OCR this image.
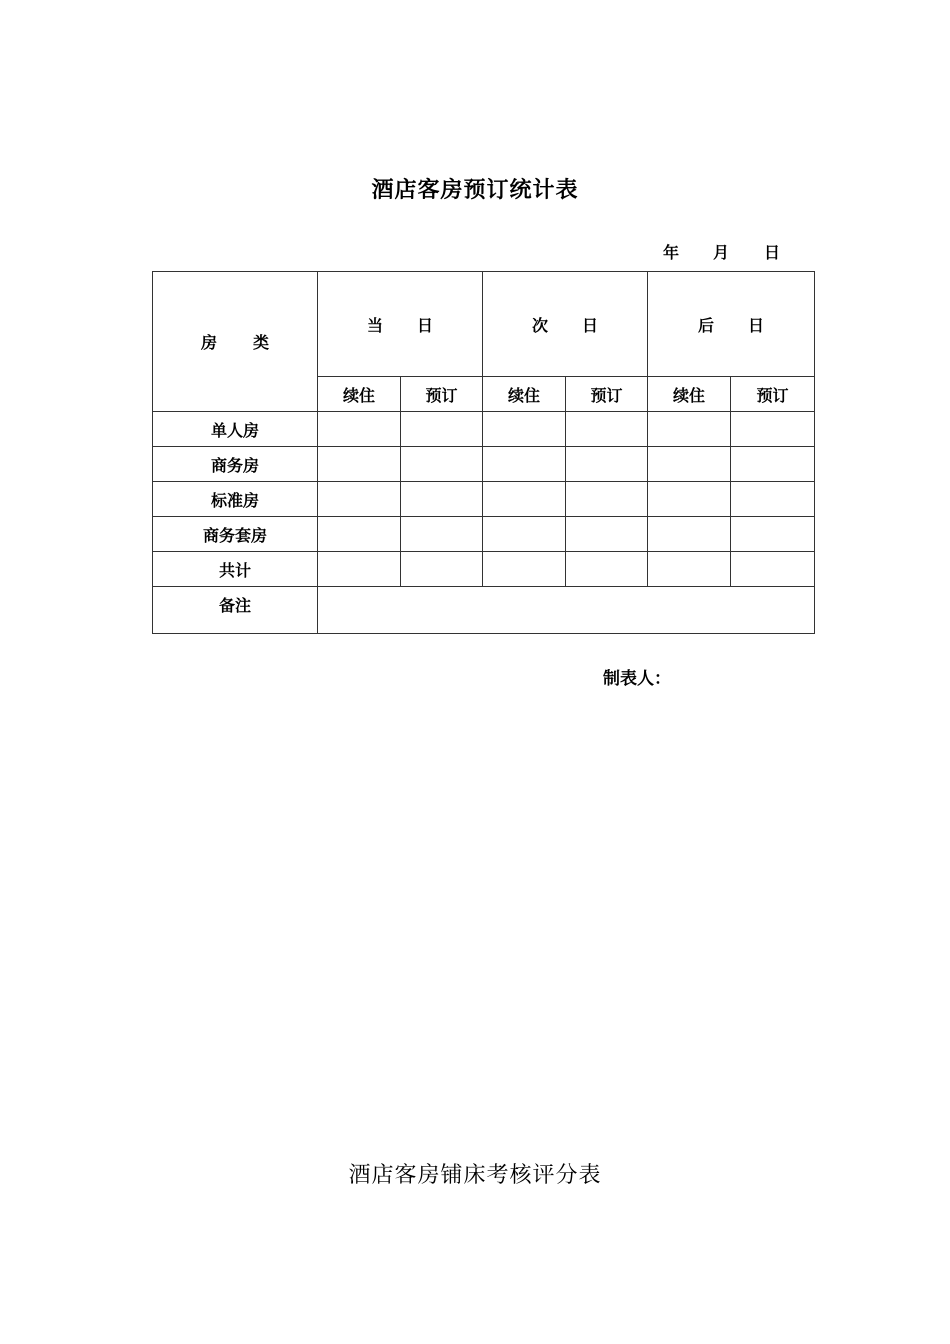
酒店客房预订统计表
年 月 日
房 类	当 日		次 日		后 日	
	续住	预订	续住	预订	续住	预订
单人房						
商务房						
标准房						
商务套房						
共计						
备注						
制表人：
酒店客房铺床考核评分表
